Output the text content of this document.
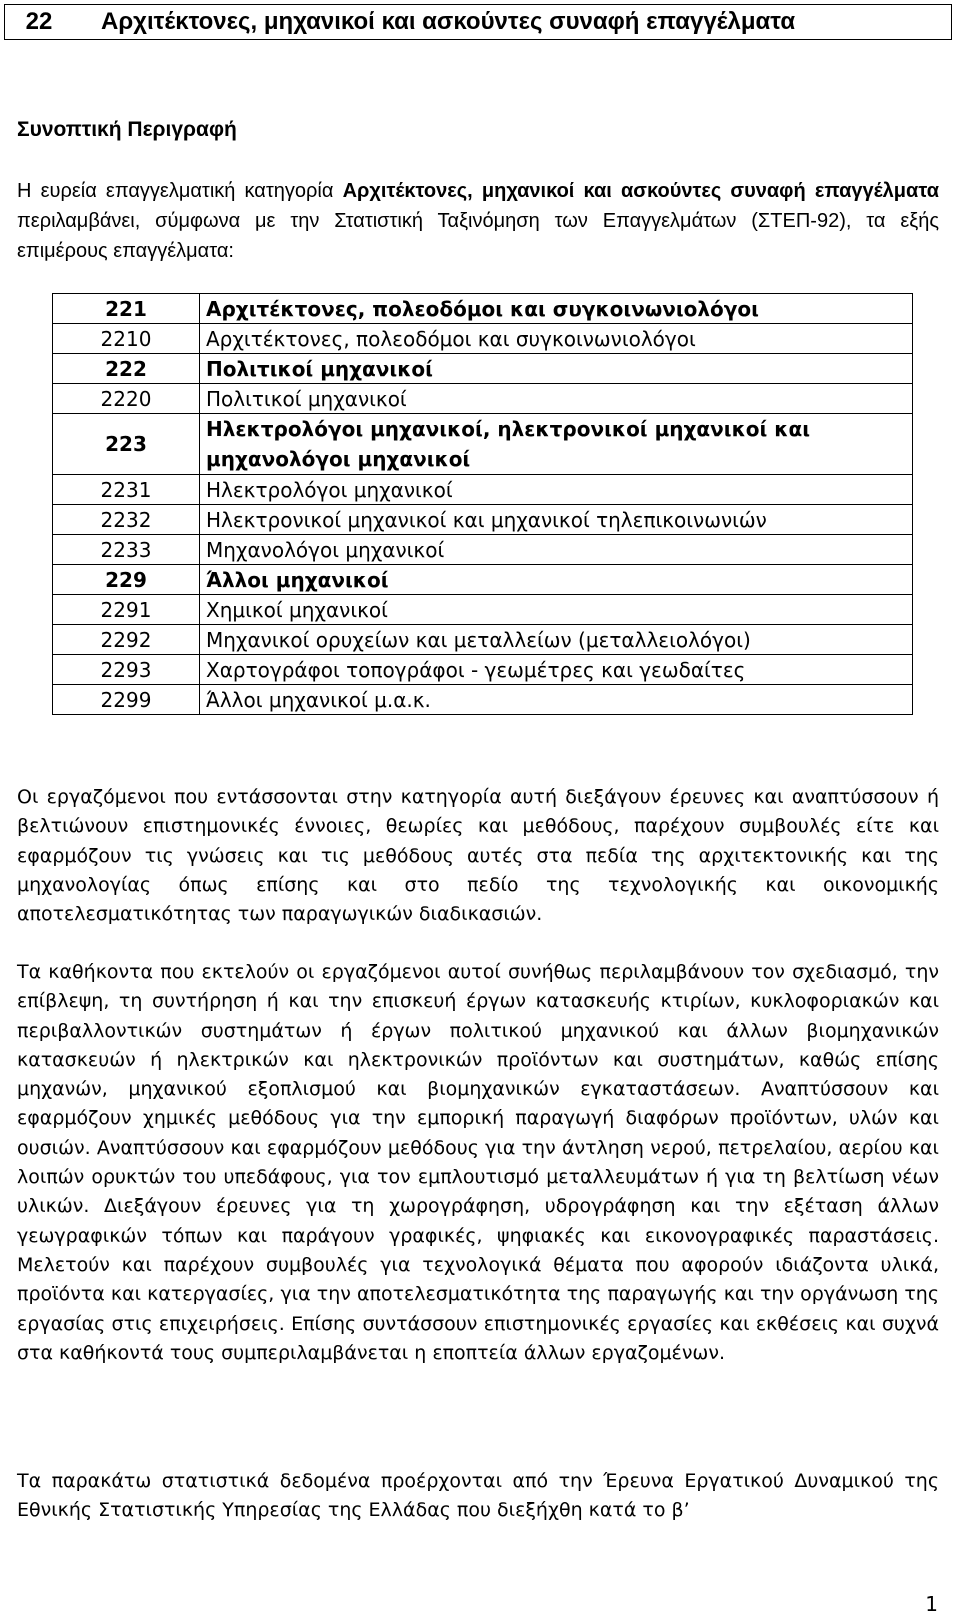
22	Αρχιτέκτονες, μηχανικοί και ασκούντες συναφή επαγγέλματα
Συνοπτική Περιγραφή

Η ευρεία επαγγελματική κατηγορία Αρχιτέκτονες, μηχανικοί και ασκούντες συναφή επαγγέλματα περιλαμβάνει, σύμφωνα με την Στατιστική Ταξινόμηση των Επαγγελμάτων (ΣΤΕΠ-92), τα εξής επιμέρους επαγγέλματα:

221	Αρχιτέκτονες, πολεοδόμοι και συγκοινωνιολόγοι
2210	Αρχιτέκτονες, πολεοδόμοι και συγκοινωνιολόγοι
222	Πολιτικοί μηχανικοί
2220	Πολιτικοί μηχανικοί
223	Ηλεκτρολόγοι μηχανικοί, ηλεκτρονικοί μηχανικοί και μηχανολόγοι μηχανικοί
2231	Ηλεκτρολόγοι μηχανικοί
2232	Ηλεκτρονικοί μηχανικοί και μηχανικοί τηλεπικοινωνιών
2233	Μηχανολόγοι μηχανικοί
229	Άλλοι μηχανικοί
2291	Χημικοί μηχανικοί
2292	Μηχανικοί ορυχείων και μεταλλείων (μεταλλειολόγοι)
2293	Χαρτογράφοι τοπογράφοι - γεωμέτρες και γεωδαίτες
2299	Άλλοι μηχανικοί μ.α.κ.

Οι εργαζόμενοι που εντάσσονται στην κατηγορία αυτή διεξάγουν έρευνες και αναπτύσσουν ή βελτιώνουν επιστημονικές έννοιες, θεωρίες και μεθόδους, παρέχουν συμβουλές είτε και εφαρμόζουν τις γνώσεις και τις μεθόδους αυτές στα πεδία της αρχιτεκτονικής και της μηχανολογίας όπως επίσης και στο πεδίο της τεχνολογικής και οικονομικής αποτελεσματικότητας των παραγωγικών διαδικασιών.

Τα καθήκοντα που εκτελούν οι εργαζόμενοι αυτοί συνήθως περιλαμβάνουν τον σχεδιασμό, την επίβλεψη, τη συντήρηση ή και την επισκευή έργων κατασκευής κτιρίων, κυκλοφοριακών και περιβαλλοντικών συστημάτων ή έργων πολιτικού μηχανικού και άλλων βιομηχανικών κατασκευών ή ηλεκτρικών και ηλεκτρονικών προϊόντων και συστημάτων, καθώς επίσης μηχανών, μηχανικού εξοπλισμού και βιομηχανικών εγκαταστάσεων. Αναπτύσσουν και εφαρμόζουν χημικές μεθόδους για την εμπορική παραγωγή διαφόρων προϊόντων, υλών και ουσιών. Αναπτύσσουν και εφαρμόζουν μεθόδους για την άντληση νερού, πετρελαίου, αερίου και λοιπών ορυκτών του υπεδάφους, για τον εμπλουτισμό μεταλλευμάτων ή για τη βελτίωση νέων υλικών. Διεξάγουν έρευνες για τη χωρογράφηση, υδρογράφηση και την εξέταση άλλων γεωγραφικών τόπων και παράγουν γραφικές, ψηφιακές και εικονογραφικές παραστάσεις. Μελετούν και παρέχουν συμβουλές για τεχνολογικά θέματα που αφορούν ιδιάζοντα υλικά, προϊόντα και κατεργασίες, για την αποτελεσματικότητα της παραγωγής και την οργάνωση της εργασίας στις επιχειρήσεις. Επίσης συντάσσουν επιστημονικές εργασίες και εκθέσεις και συχνά στα καθήκοντά τους συμπεριλαμβάνεται η εποπτεία άλλων εργαζομένων.

Τα παρακάτω στατιστικά δεδομένα προέρχονται από την Έρευνα Εργατικού Δυναμικού της Εθνικής Στατιστικής Υπηρεσίας της Ελλάδας που διεξήχθη κατά το β’

1
